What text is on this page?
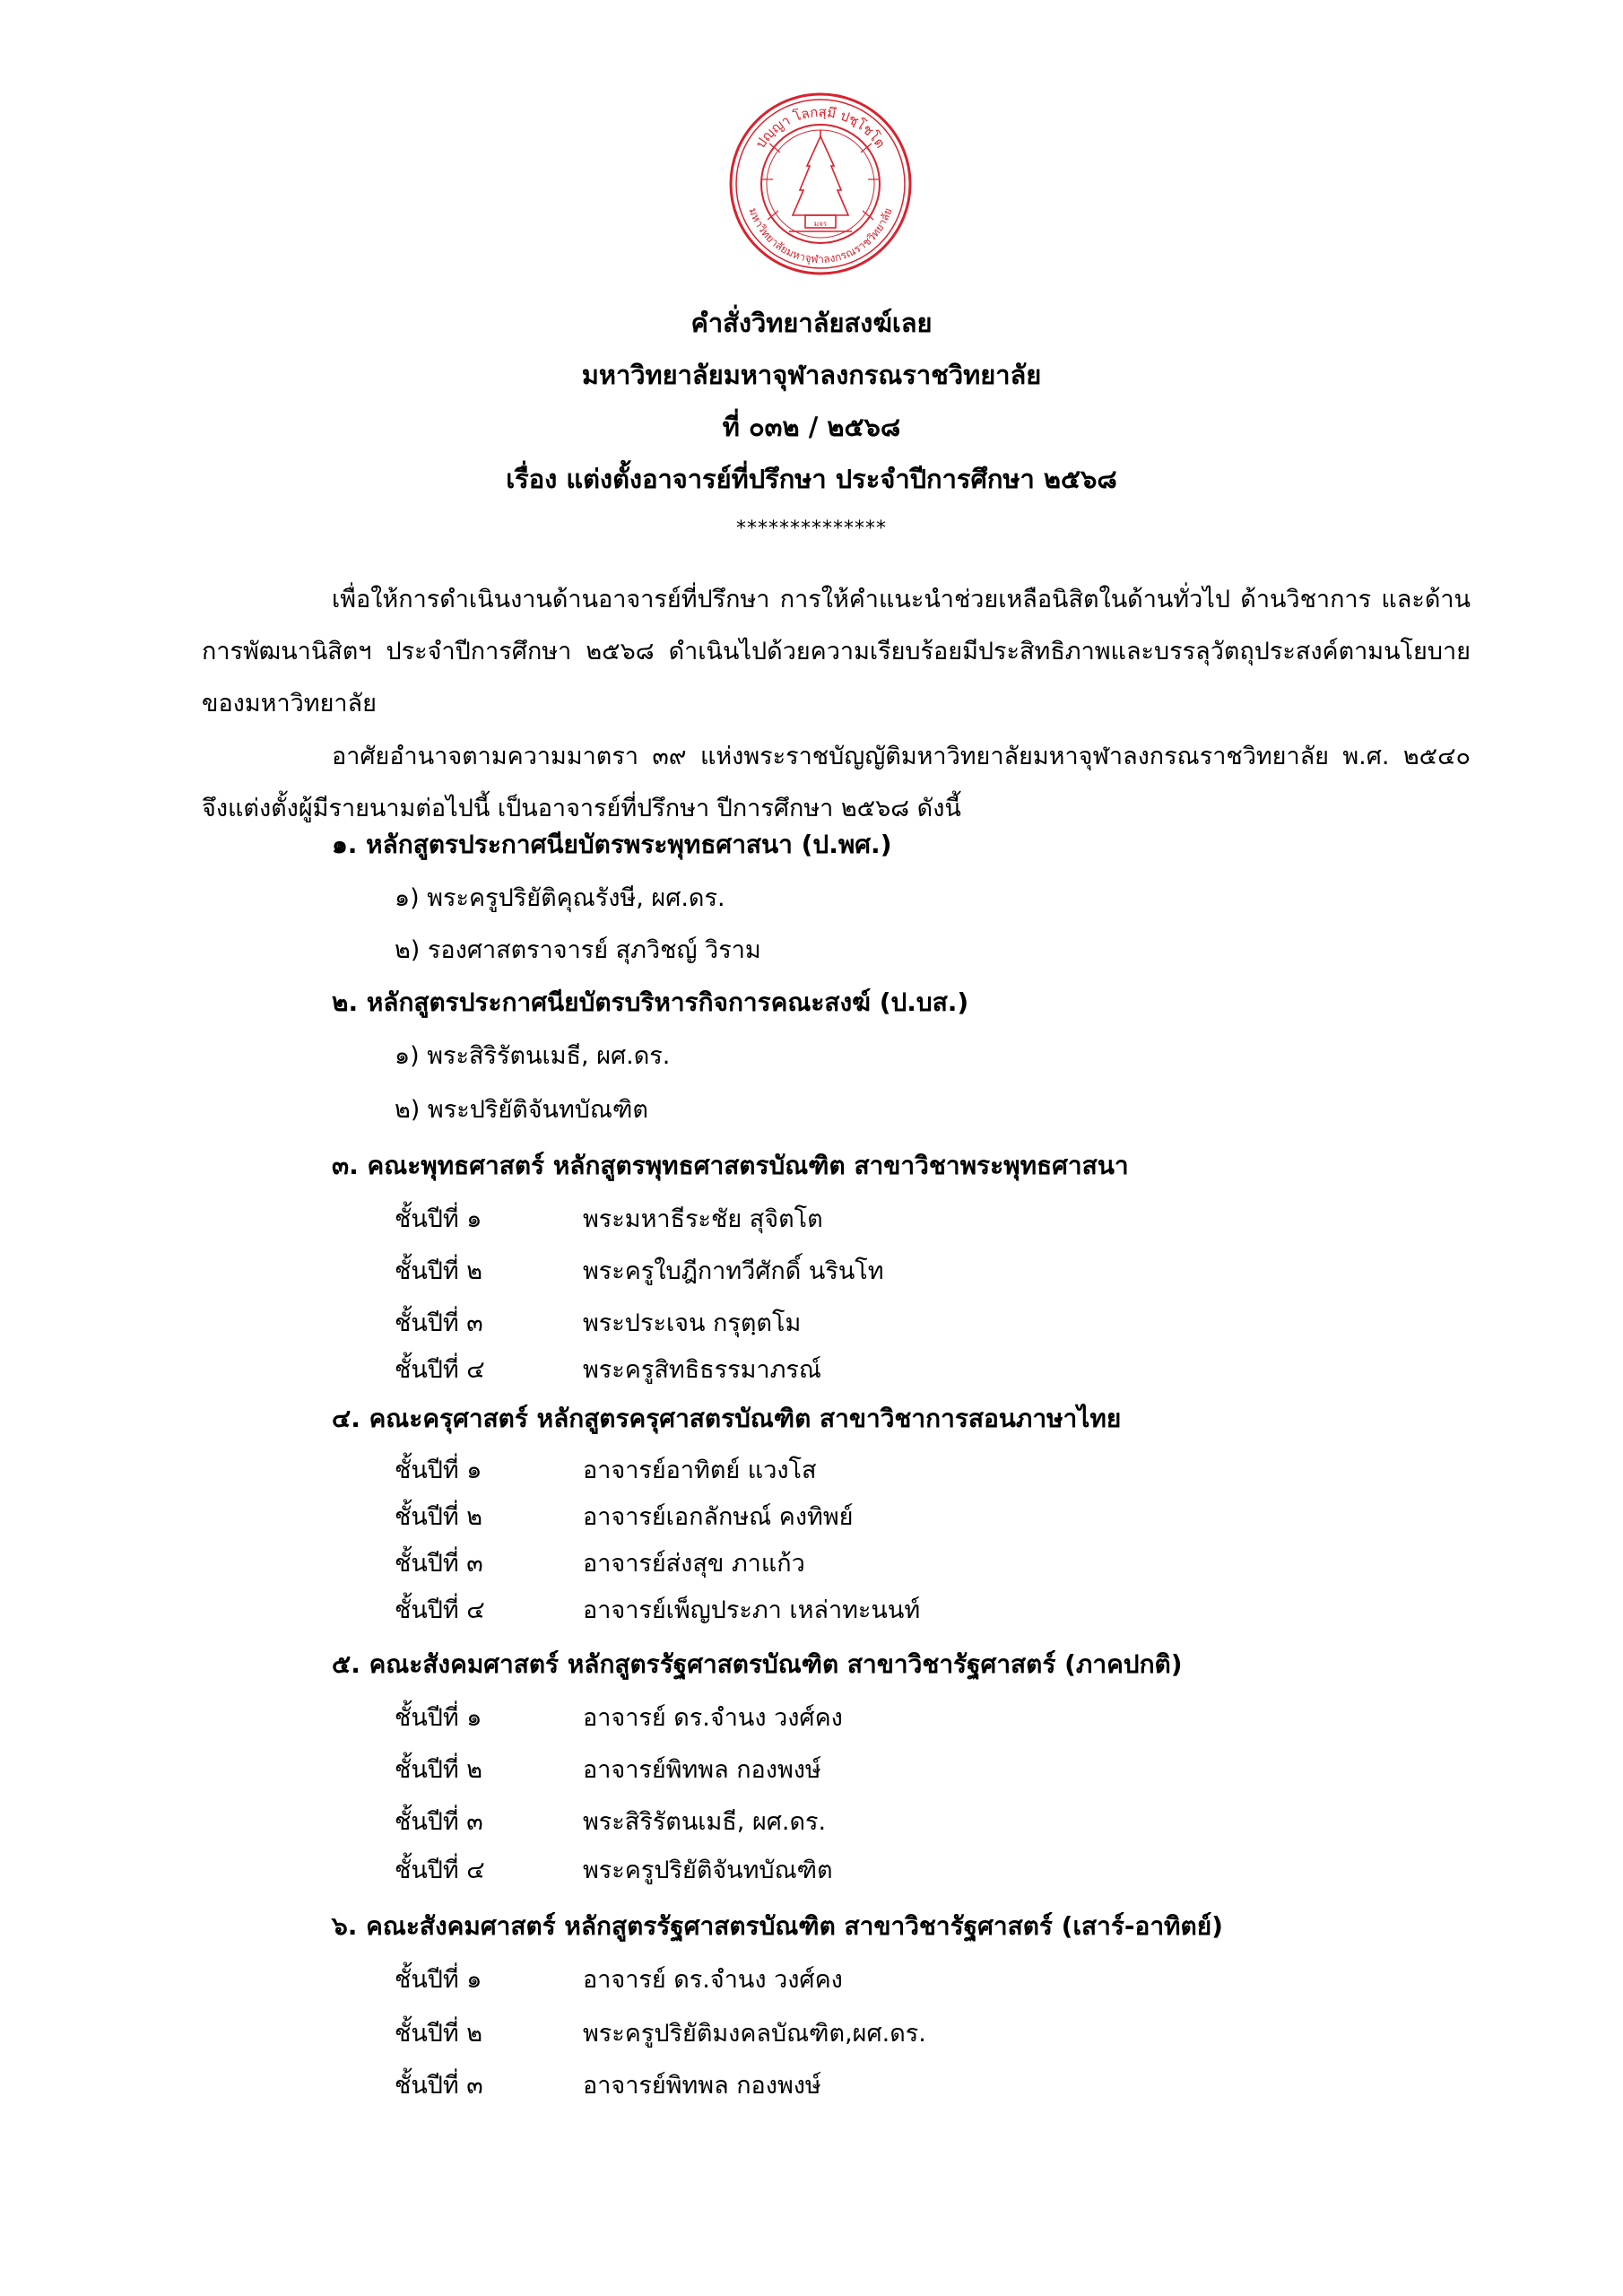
ปญฺญา โลกสฺมึ ปชฺโชโต
มหาวิทยาลัยมหาจุฬาลงกรณราชวิทยาลัย
มจร
คำสั่งวิทยาลัยสงฆ์เลย
มหาวิทยาลัยมหาจุฬาลงกรณราชวิทยาลัย
ที่ ๐๓๒ / ๒๕๖๘
เรื่อง แต่งตั้งอาจารย์ที่ปรึกษา ประจำปีการศึกษา ๒๕๖๘
**************

เพื่อให้การดำเนินงานด้านอาจารย์ที่ปรึกษา การให้คำแนะนำช่วยเหลือนิสิตในด้านทั่วไป ด้านวิชาการ และด้านการพัฒนานิสิตฯ ประจำปีการศึกษา ๒๕๖๘ ดำเนินไปด้วยความเรียบร้อยมีประสิทธิภาพและบรรลุวัตถุประสงค์ตามนโยบายของมหาวิทยาลัย

อาศัยอำนาจตามความมาตรา ๓๙ แห่งพระราชบัญญัติมหาวิทยาลัยมหาจุฬาลงกรณราชวิทยาลัย พ.ศ. ๒๕๔๐ จึงแต่งตั้งผู้มีรายนามต่อไปนี้ เป็นอาจารย์ที่ปรึกษา ปีการศึกษา ๒๕๖๘ ดังนี้

๑. หลักสูตรประกาศนียบัตรพระพุทธศาสนา (ป.พศ.)
๑) พระครูปริยัติคุณรังษี, ผศ.ดร.
๒) รองศาสตราจารย์ สุภวิชญ์ วิราม
๒. หลักสูตรประกาศนียบัตรบริหารกิจการคณะสงฆ์ (ป.บส.)
๑) พระสิริรัตนเมธี, ผศ.ดร.
๒) พระปริยัติจันทบัณฑิต
๓. คณะพุทธศาสตร์ หลักสูตรพุทธศาสตรบัณฑิต สาขาวิชาพระพุทธศาสนา
ชั้นปีที่ ๑	พระมหาธีระชัย สุจิตโต
ชั้นปีที่ ๒	พระครูใบฎีกาทวีศักดิ์ นรินโท
ชั้นปีที่ ๓	พระประเจน กรุตฺตโม
ชั้นปีที่ ๔	พระครูสิทธิธรรมาภรณ์
๔. คณะครุศาสตร์ หลักสูตรครุศาสตรบัณฑิต สาขาวิชาการสอนภาษาไทย
ชั้นปีที่ ๑	อาจารย์อาทิตย์ แวงโส
ชั้นปีที่ ๒	อาจารย์เอกลักษณ์ คงทิพย์
ชั้นปีที่ ๓	อาจารย์ส่งสุข ภาแก้ว
ชั้นปีที่ ๔	อาจารย์เพ็ญประภา เหล่าทะนนท์
๕. คณะสังคมศาสตร์ หลักสูตรรัฐศาสตรบัณฑิต สาขาวิชารัฐศาสตร์ (ภาคปกติ)
ชั้นปีที่ ๑	อาจารย์ ดร.จำนง วงศ์คง
ชั้นปีที่ ๒	อาจารย์พิทพล กองพงษ์
ชั้นปีที่ ๓	พระสิริรัตนเมธี, ผศ.ดร.
ชั้นปีที่ ๔	พระครูปริยัติจันทบัณฑิต
๖. คณะสังคมศาสตร์ หลักสูตรรัฐศาสตรบัณฑิต สาขาวิชารัฐศาสตร์ (เสาร์-อาทิตย์)
ชั้นปีที่ ๑	อาจารย์ ดร.จำนง วงศ์คง
ชั้นปีที่ ๒	พระครูปริยัติมงคลบัณฑิต,ผศ.ดร.
ชั้นปีที่ ๓	อาจารย์พิทพล กองพงษ์
